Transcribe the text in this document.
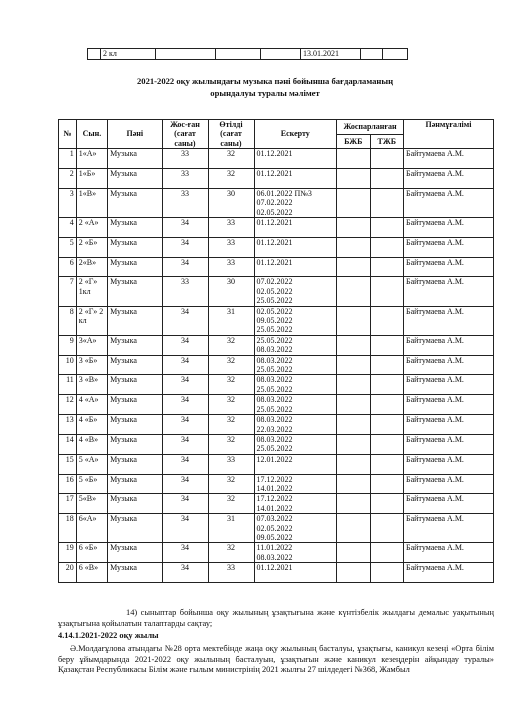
	2 кл				13.01.2021		
2021-2022 оқу жылындағы музыка пәні бойынша бағдарламаның
орындалуы туралы мәлімет
№	Сын.	Пәні	Жос-ған (сағат саны)	Өтілді (сағат саны)	Ескерту	Жоспарланған		Пәнмұғалімі
						БЖБ	ТЖБ	
1	1«А»	Музыка	33	32	01.12.2021			Байтумаева А.М.
2	1«Б»	Музыка	33	32	01.12.2021			Байтумаева А.М.
3	1«В»	Музыка	33	30	06.01.2022 П№3
07.02.2022
02.05.2022			Байтумаева А.М.
4	2 «А»	Музыка	34	33	01.12.2021			Байтумаева А.М.
5	2 «Б»	Музыка	34	33	01.12.2021			Байтумаева А.М.
6	2«В»	Музыка	34	33	01.12.2021			Байтумаева А.М.
7	2 «Г» 1кл	Музыка	33	30	07.02.2022
02.05.2022
25.05.2022			Байтумаева А.М.
8	2 «Г» 2 кл	Музыка	34	31	02.05.2022
09.05.2022
25.05.2022			Байтумаева А.М.
9	3«А»	Музыка	34	32	25.05.2022
08.03.2022			Байтумаева А.М.
10	3 «Б»	Музыка	34	32	08.03.2022
25.05.2022			Байтумаева А.М.
11	3 «В»	Музыка	34	32	08.03.2022
25.05.2022			Байтумаева А.М.
12	4 «А»	Музыка	34	32	08.03.2022
25.05.2022			Байтумаева А.М.
13	4 «Б»	Музыка	34	32	08.03.2022
22.03.2022			Байтумаева А.М.
14	4 «В»	Музыка	34	32	08.03.2022
25.05.2022			Байтумаева А.М.
15	5 «А»	Музыка	34	33	12.01.2022			Байтумаева А.М.
16	5 «Б»	Музыка	34	32	17.12.2022
14.01.2022			Байтумаева А.М.
17	5«В»	Музыка	34	32	17.12.2022
14.01.2022			Байтумаева А.М.
18	6«А»	Музыка	34	31	07.03.2022
02.05.2022
09.05.2022			Байтумаева А.М.
19	6 «Б»	Музыка	34	32	11.01.2022
08.03.2022			Байтумаева А.М.
20	6 «В»	Музыка	34	33	01.12.2021			Байтумаева А.М.
14) сыныптар бойынша оқу жылының ұзақтығына және күнтізбелік жылдағы демалыс уақытының ұзақтығына қойылатын талаптарды сақтау;
4.14.1.2021-2022 оқу жылы
Ә.Молдағұлова атындағы №28 орта мектебінде жаңа оқу жылының басталуы, ұзақтығы, каникул кезеңі «Орта білім беру ұйымдарында 2021-2022 оқу жылының басталуын, ұзақтығын және каникул кезеңдерін айқындау туралы» Қазақстан Республикасы Білім және ғылым министрінің 2021 жылғы 27 шілдедегі №368, Жамбыл
